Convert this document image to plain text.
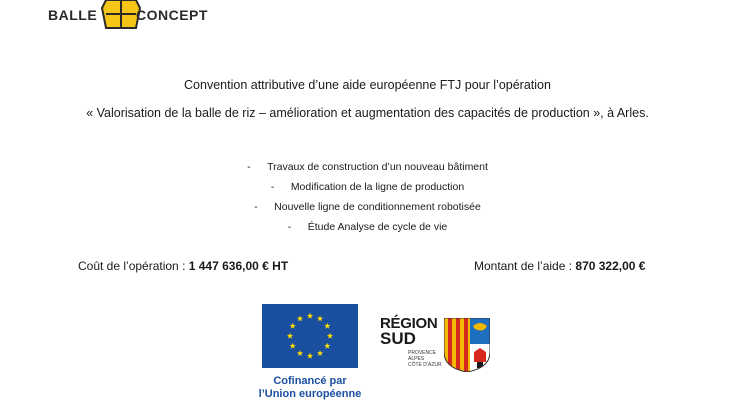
BALLE	CONCEPT
Convention attributive d’une aide européenne FTJ pour l’opération
« Valorisation de la balle de riz – amélioration et augmentation des capacités de production », à Arles.
- Travaux de construction d’un nouveau bâtiment
- Modification de la ligne de production
- Nouvelle ligne de conditionnement robotisée
- Étude Analyse de cycle de vie
Coût de l’opération : 1 447 636,00 € HT	Montant de l’aide : 870 322,00 €
Cofinancé par
l’Union européenne
RÉGION
SUD
PROVENCE
ALPES
CÔTE D’AZUR
